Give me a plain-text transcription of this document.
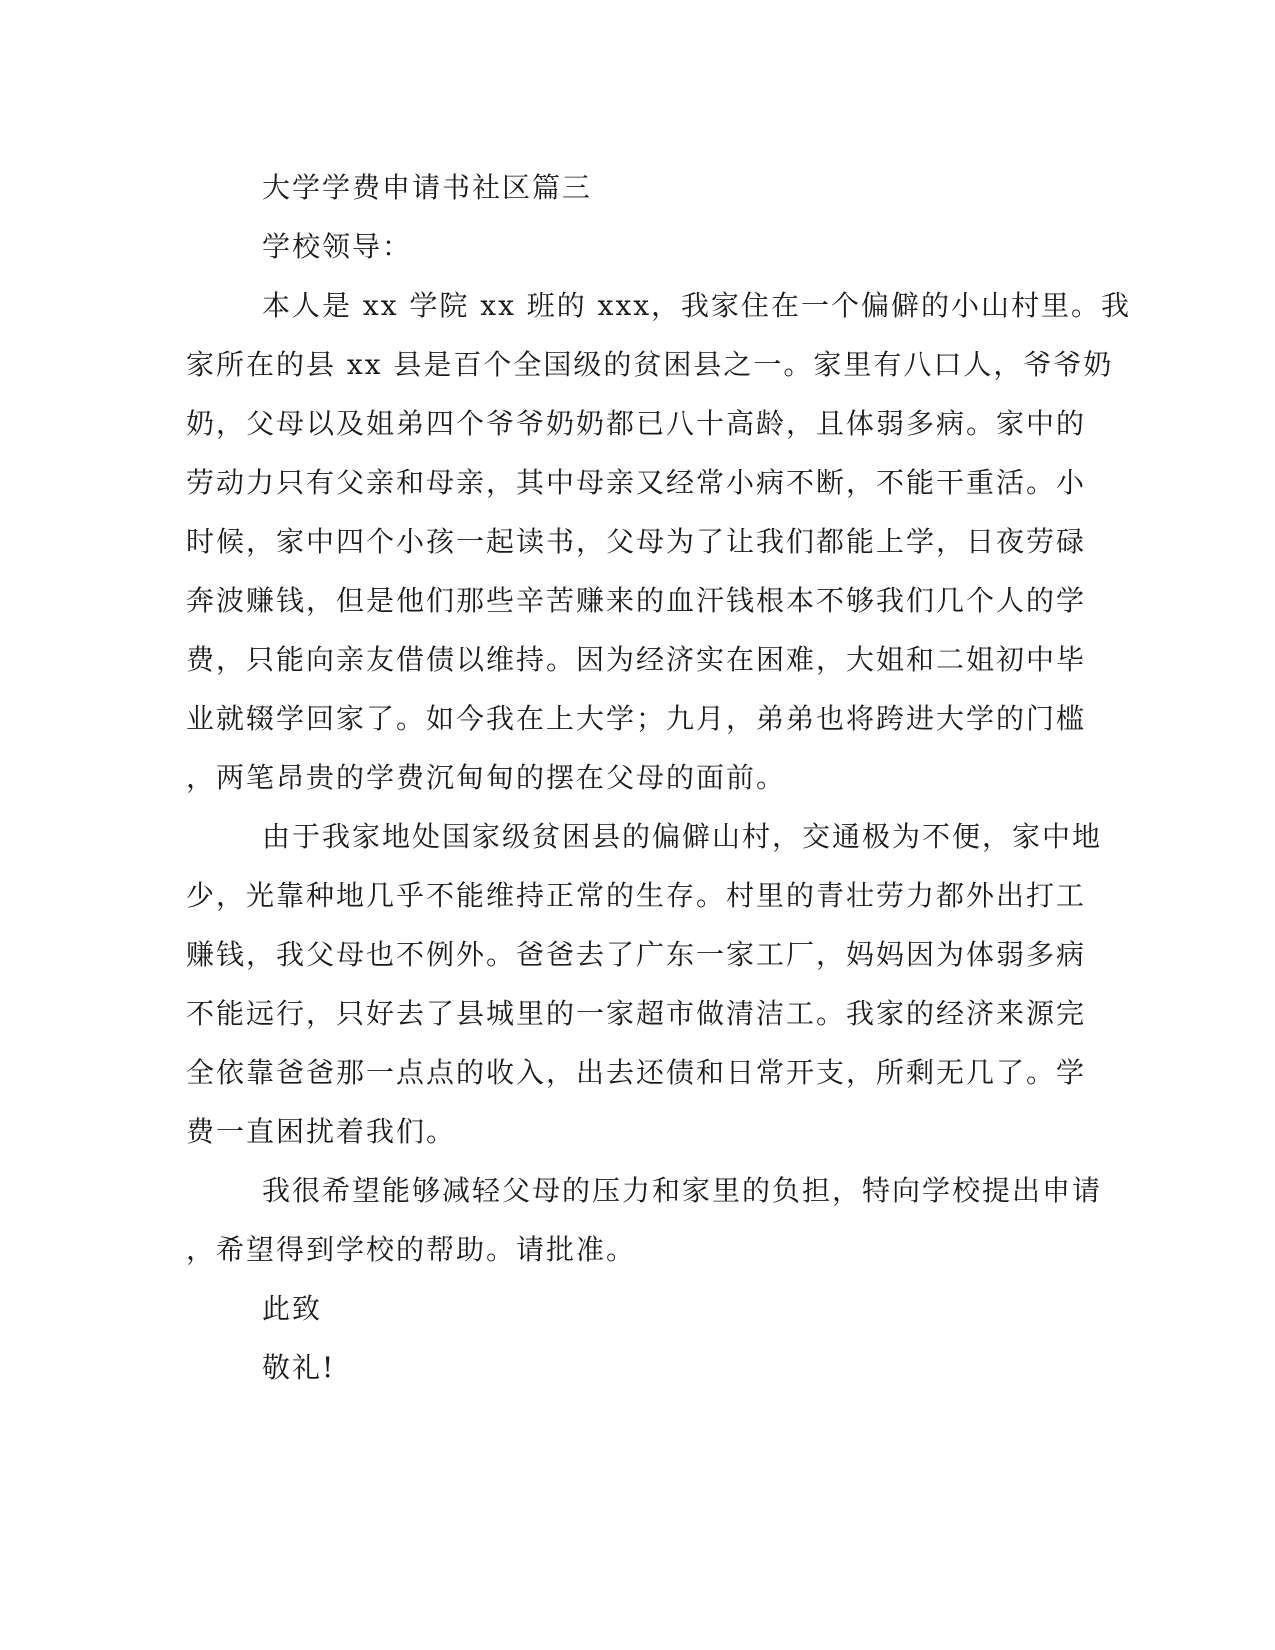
大学学费申请书社区篇三
学校领导：
本人是 xx 学院 xx 班的 xxx，我家住在一个偏僻的小山村里。我
家所在的县 xx 县是百个全国级的贫困县之一。家里有八口人，爷爷奶
奶，父母以及姐弟四个爷爷奶奶都已八十高龄，且体弱多病。家中的
劳动力只有父亲和母亲，其中母亲又经常小病不断，不能干重活。小
时候，家中四个小孩一起读书，父母为了让我们都能上学，日夜劳碌
奔波赚钱，但是他们那些辛苦赚来的血汗钱根本不够我们几个人的学
费，只能向亲友借债以维持。因为经济实在困难，大姐和二姐初中毕
业就辍学回家了。如今我在上大学；九月，弟弟也将跨进大学的门槛
，两笔昂贵的学费沉甸甸的摆在父母的面前。
由于我家地处国家级贫困县的偏僻山村，交通极为不便，家中地
少，光靠种地几乎不能维持正常的生存。村里的青壮劳力都外出打工
赚钱，我父母也不例外。爸爸去了广东一家工厂，妈妈因为体弱多病
不能远行，只好去了县城里的一家超市做清洁工。我家的经济来源完
全依靠爸爸那一点点的收入，出去还债和日常开支，所剩无几了。学
费一直困扰着我们。
我很希望能够减轻父母的压力和家里的负担，特向学校提出申请
，希望得到学校的帮助。请批准。
此致
敬礼!
